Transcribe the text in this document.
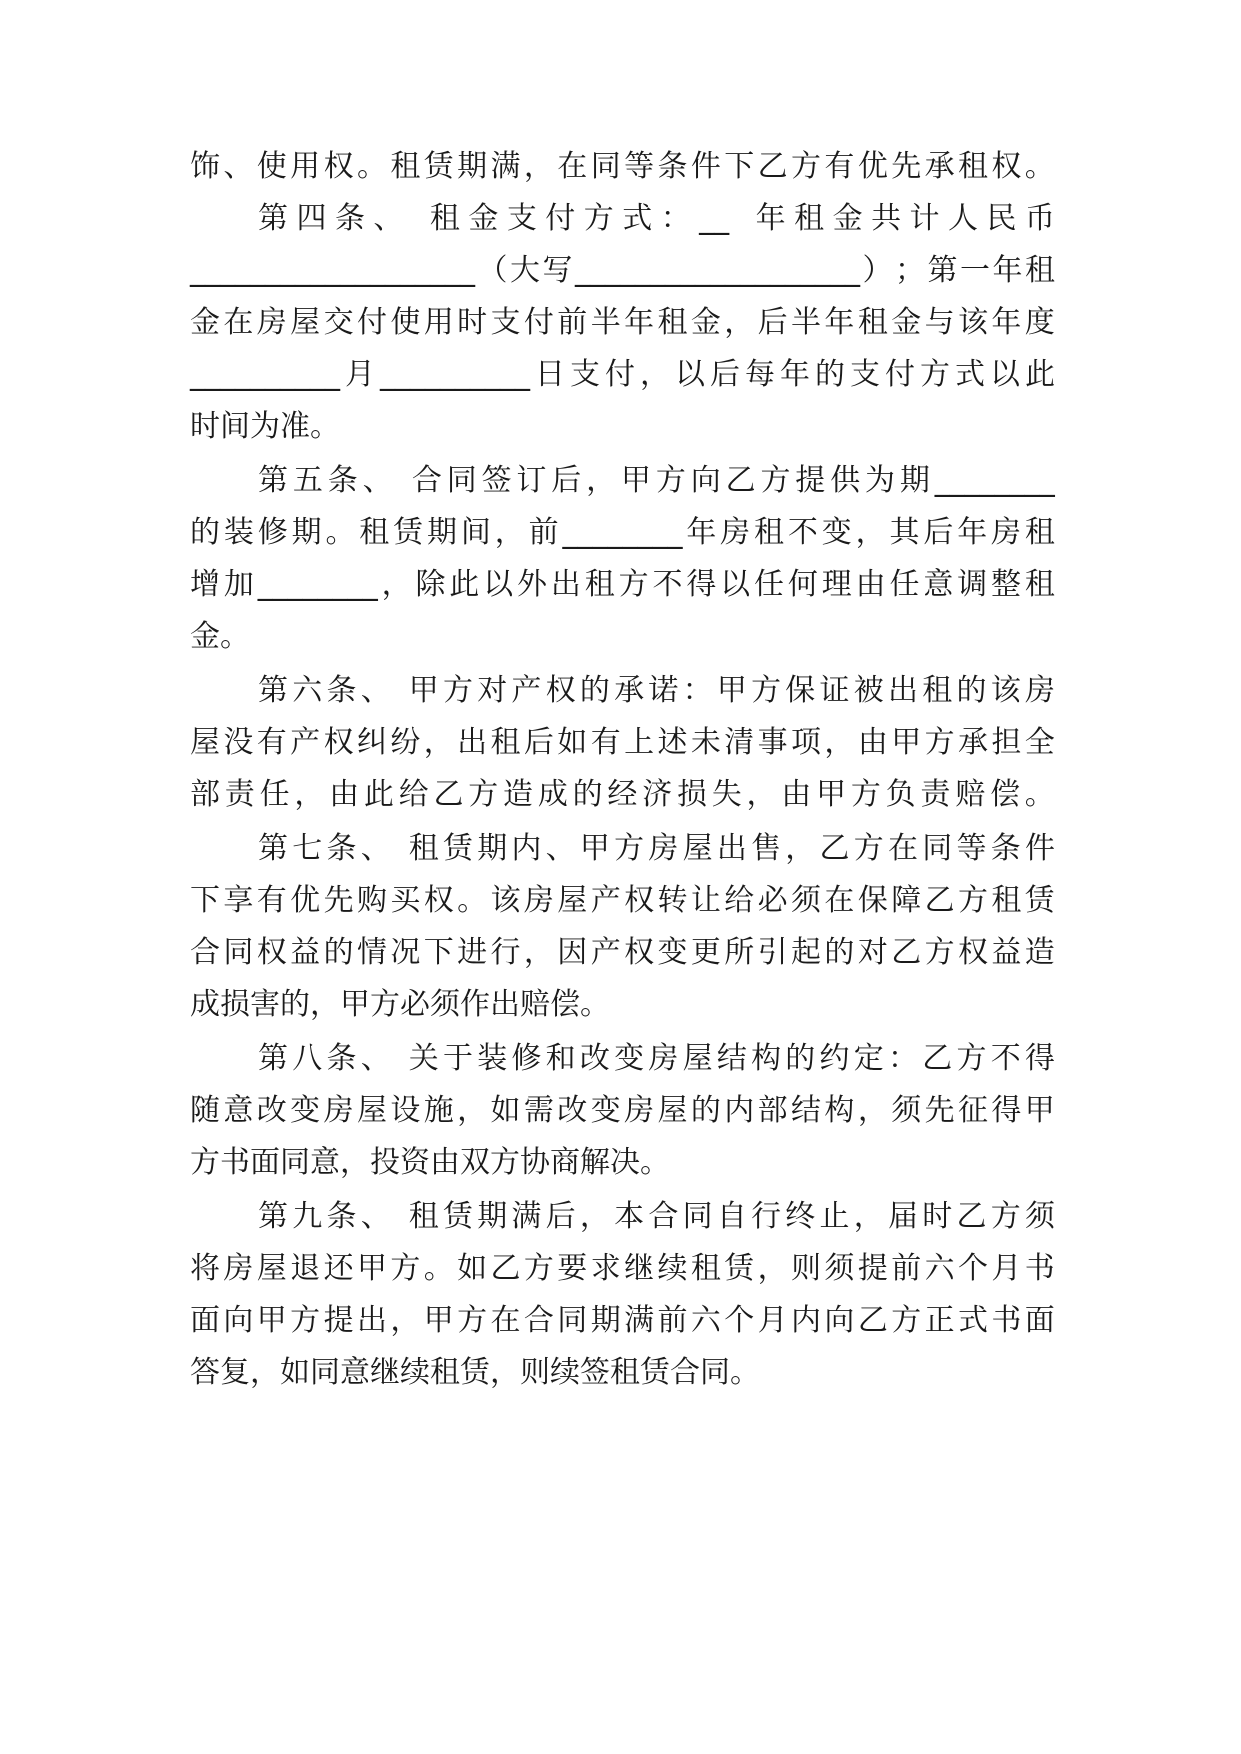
饰 、 使 用 权 。 租 赁 期 满 ， 在 同 等 条 件 下 乙 方 有 优 先 承 租 权 。
第 四 条 、
租 金 支 付 方 式 ： __
年 租 金 共 计 人 民 币
___________________ （ 大 写 ___________________ ） ； 第 一 年 租
金 在 房 屋 交 付 使 用 时 支 付 前 半 年 租 金 ， 后 半 年 租 金 与 该 年 度
__________ 月 __________ 日 支 付 ， 以 后 每 年 的 支 付 方 式 以 此
时间为准。
第 五 条 、
合 同 签 订 后 ， 甲 方 向 乙 方 提 供 为 期 ________
的 装 修 期 。 租 赁 期 间 ， 前 ________ 年 房 租 不 变 ， 其 后 年 房 租
增 加 ________ ， 除 此 以 外 出 租 方 不 得 以 任 何 理 由 任 意 调 整 租
金。
第 六 条 、
甲 方 对 产 权 的 承 诺 ： 甲 方 保 证 被 出 租 的 该 房
屋 没 有 产 权 纠 纷 ， 出 租 后 如 有 上 述 未 清 事 项 ， 由 甲 方 承 担 全
部 责 任 ， 由 此 给 乙 方 造 成 的 经 济 损 失 ， 由 甲 方 负 责 赔 偿 。
第 七 条 、
租 赁 期 内 、 甲 方 房 屋 出 售 ， 乙 方 在 同 等 条 件
下 享 有 优 先 购 买 权 。 该 房 屋 产 权 转 让 给 必 须 在 保 障 乙 方 租 赁
合 同 权 益 的 情 况 下 进 行 ， 因 产 权 变 更 所 引 起 的 对 乙 方 权 益 造
成损害的，甲方必须作出赔偿。
第 八 条 、
关 于 装 修 和 改 变 房 屋 结 构 的 约 定 ： 乙 方 不 得
随 意 改 变 房 屋 设 施 ， 如 需 改 变 房 屋 的 内 部 结 构 ， 须 先 征 得 甲
方书面同意，投资由双方协商解决。
第 九 条 、
租 赁 期 满 后 ， 本 合 同 自 行 终 止 ， 届 时 乙 方 须
将 房 屋 退 还 甲 方 。 如 乙 方 要 求 继 续 租 赁 ， 则 须 提 前 六 个 月 书
面 向 甲 方 提 出 ， 甲 方 在 合 同 期 满 前 六 个 月 内 向 乙 方 正 式 书 面
答复，如同意继续租赁，则续签租赁合同。
